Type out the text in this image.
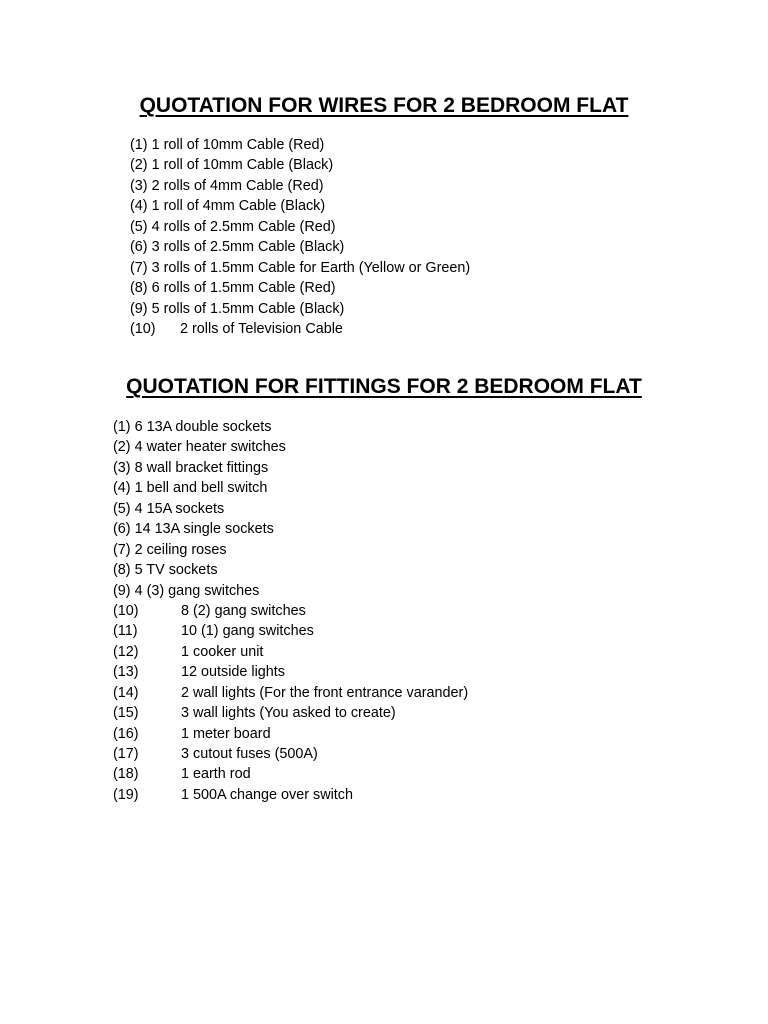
QUOTATION FOR WIRES FOR 2 BEDROOM FLAT
(1) 1 roll of 10mm Cable (Red)
(2) 1 roll of 10mm Cable (Black)
(3) 2 rolls of 4mm Cable (Red)
(4) 1 roll of 4mm Cable (Black)
(5) 4 rolls of 2.5mm Cable (Red)
(6) 3 rolls of 2.5mm Cable (Black)
(7) 3 rolls of 1.5mm Cable for Earth (Yellow or Green)
(8) 6 rolls of 1.5mm Cable (Red)
(9) 5 rolls of 1.5mm Cable (Black)
(10) 2 rolls of Television Cable
QUOTATION FOR FITTINGS FOR 2 BEDROOM FLAT
(1) 6 13A double sockets
(2) 4 water heater switches
(3) 8 wall bracket fittings
(4) 1 bell and bell switch
(5) 4 15A sockets
(6) 14 13A single sockets
(7) 2 ceiling roses
(8) 5 TV sockets
(9) 4 (3) gang switches
(10)	8 (2) gang switches
(11)	10 (1) gang switches
(12)	1 cooker unit
(13)	12 outside lights
(14)	2 wall lights (For the front entrance varander)
(15)	3 wall lights (You asked to create)
(16)	1 meter board
(17)	3 cutout fuses (500A)
(18)	1 earth rod
(19)	1 500A change over switch
